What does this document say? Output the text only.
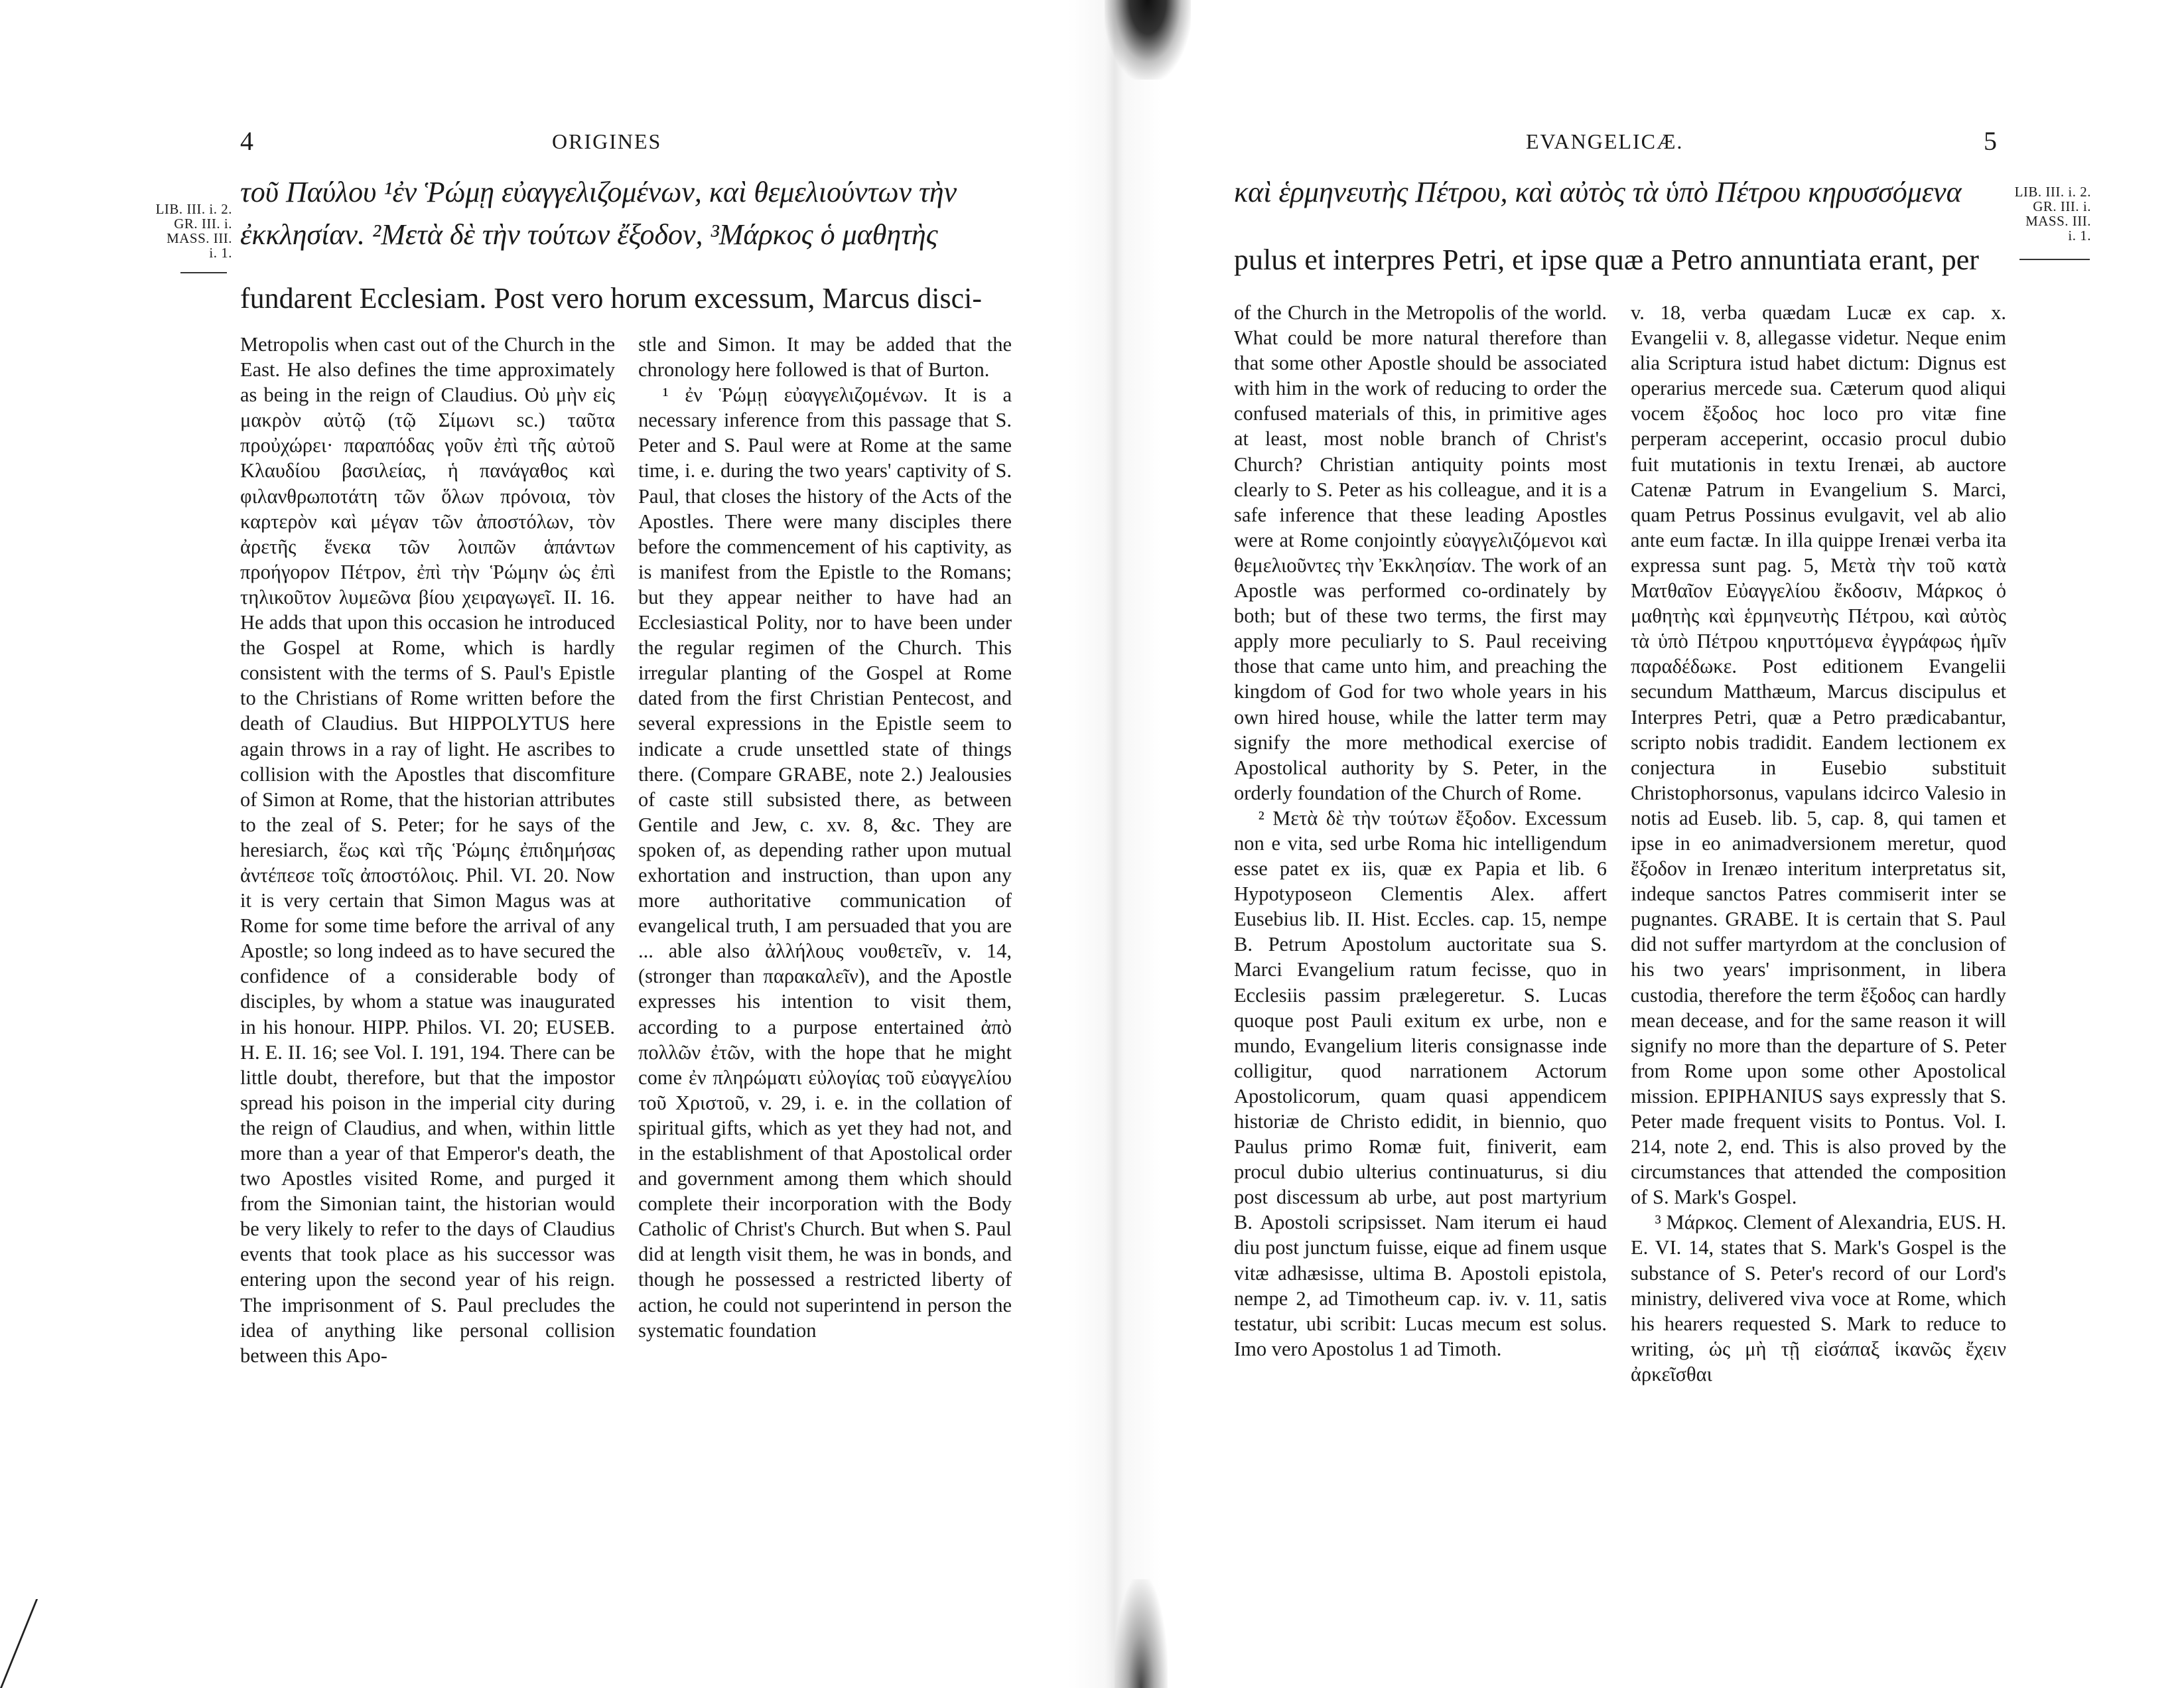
4	ORIGINES
LIB. III. i. 2.
GR. III. i.
MASS. III.
i. 1.
τοῦ Παύλου ¹ἐν Ῥώμῃ εὐαγγελιζομένων, καὶ θεμελιούντων τὴν
ἐκκλησίαν. ²Μετὰ δὲ τὴν τούτων ἔξοδον, ³Μάρκος ὁ μαθητὴς
fundarent Ecclesiam. Post vero horum excessum, Marcus disci-

Metropolis when cast out of the Church in the East. He also defines the time approximately as being in the reign of Claudius. Οὐ μὴν εἰς μακρὸν αὐτῷ (τῷ Σίμωνι sc.) ταῦτα προὐχώρει· παραπόδας γοῦν ἐπὶ τῆς αὐτοῦ Κλαυδίου βασιλείας, ἡ πανάγαθος καὶ φιλανθρωποτάτη τῶν ὅλων πρόνοια, τὸν καρτερὸν καὶ μέγαν τῶν ἀποστόλων, τὸν ἀρετῆς ἕνεκα τῶν λοιπῶν ἁπάντων προήγορον Πέτρον, ἐπὶ τὴν Ῥώμην ὡς ἐπὶ τηλικοῦτον λυμεῶνα βίου χειραγωγεῖ. II. 16. He adds that upon this occasion he introduced the Gospel at Rome, which is hardly consistent with the terms of S. Paul's Epistle to the Christians of Rome written before the death of Claudius. But HIPPOLYTUS here again throws in a ray of light. He ascribes to collision with the Apostles that discomfiture of Simon at Rome, that the historian attributes to the zeal of S. Peter; for he says of the heresiarch, ἕως καὶ τῆς Ῥώμης ἐπιδημήσας ἀντέπεσε τοῖς ἀποστόλοις. Phil. VI. 20. Now it is very certain that Simon Magus was at Rome for some time before the arrival of any Apostle; so long indeed as to have secured the confidence of a considerable body of disciples, by whom a statue was inaugurated in his honour. HIPP. Philos. VI. 20; EUSEB. H. E. II. 16; see Vol. I. 191, 194. There can be little doubt, therefore, but that the impostor spread his poison in the imperial city during the reign of Claudius, and when, within little more than a year of that Emperor's death, the two Apostles visited Rome, and purged it from the Simonian taint, the historian would be very likely to refer to the days of Claudius events that took place as his successor was entering upon the second year of his reign. The imprisonment of S. Paul precludes the idea of anything like personal collision between this Apo-

stle and Simon. It may be added that the chronology here followed is that of Burton.

¹ ἐν Ῥώμῃ εὐαγγελιζομένων. It is a necessary inference from this passage that S. Peter and S. Paul were at Rome at the same time, i. e. during the two years' captivity of S. Paul, that closes the history of the Acts of the Apostles. There were many disciples there before the commencement of his captivity, as is manifest from the Epistle to the Romans; but they appear neither to have had an Ecclesiastical Polity, nor to have been under the regular regimen of the Church. This irregular planting of the Gospel at Rome dated from the first Christian Pentecost, and several expressions in the Epistle seem to indicate a crude unsettled state of things there. (Compare GRABE, note 2.) Jealousies of caste still subsisted there, as between Gentile and Jew, c. xv. 8, &c. They are spoken of, as depending rather upon mutual exhortation and instruction, than upon any more authoritative communication of evangelical truth, I am persuaded that you are ... able also ἀλλήλους νουθετεῖν, v. 14, (stronger than παρακαλεῖν), and the Apostle expresses his intention to visit them, according to a purpose entertained ἀπὸ πολλῶν ἐτῶν, with the hope that he might come ἐν πληρώματι εὐλογίας τοῦ εὐαγγελίου τοῦ Χριστοῦ, v. 29, i. e. in the collation of spiritual gifts, which as yet they had not, and in the establishment of that Apostolical order and government among them which should complete their incorporation with the Body Catholic of Christ's Church. But when S. Paul did at length visit them, he was in bonds, and though he possessed a restricted liberty of action, he could not superintend in person the systematic foundation

EVANGELICÆ.	5
LIB. III. i. 2.
GR. III. i.
MASS. III.
i. 1.
καὶ ἑρμηνευτὴς Πέτρου, καὶ αὐτὸς τὰ ὑπὸ Πέτρου κηρυσσόμενα
pulus et interpres Petri, et ipse quæ a Petro annuntiata erant, per

of the Church in the Metropolis of the world. What could be more natural therefore than that some other Apostle should be associated with him in the work of reducing to order the confused materials of this, in primitive ages at least, most noble branch of Christ's Church? Christian antiquity points most clearly to S. Peter as his colleague, and it is a safe inference that these leading Apostles were at Rome conjointly εὐαγγελιζόμενοι καὶ θεμελιοῦντες τὴν Ἐκκλησίαν. The work of an Apostle was performed co-ordinately by both; but of these two terms, the first may apply more peculiarly to S. Paul receiving those that came unto him, and preaching the kingdom of God for two whole years in his own hired house, while the latter term may signify the more methodical exercise of Apostolical authority by S. Peter, in the orderly foundation of the Church of Rome.

² Μετὰ δὲ τὴν τούτων ἔξοδον. Excessum non e vita, sed urbe Roma hic intelligendum esse patet ex iis, quæ ex Papia et lib. 6 Hypotyposeon Clementis Alex. affert Eusebius lib. II. Hist. Eccles. cap. 15, nempe B. Petrum Apostolum auctoritate sua S. Marci Evangelium ratum fecisse, quo in Ecclesiis passim prælegeretur. S. Lucas quoque post Pauli exitum ex urbe, non e mundo, Evangelium literis consignasse inde colligitur, quod narrationem Actorum Apostolicorum, quam quasi appendicem historiæ de Christo edidit, in biennio, quo Paulus primo Romæ fuit, finiverit, eam procul dubio ulterius continuaturus, si diu post discessum ab urbe, aut post martyrium B. Apostoli scripsisset. Nam iterum ei haud diu post junctum fuisse, eique ad finem usque vitæ adhæsisse, ultima B. Apostoli epistola, nempe 2, ad Timotheum cap. iv. v. 11, satis testatur, ubi scribit: Lucas mecum est solus. Imo vero Apostolus 1 ad Timoth.

v. 18, verba quædam Lucæ ex cap. x. Evangelii v. 8, allegasse videtur. Neque enim alia Scriptura istud habet dictum: Dignus est operarius mercede sua. Cæterum quod aliqui vocem ἔξοδος hoc loco pro vitæ fine perperam acceperint, occasio procul dubio fuit mutationis in textu Irenæi, ab auctore Catenæ Patrum in Evangelium S. Marci, quam Petrus Possinus evulgavit, vel ab alio ante eum factæ. In illa quippe Irenæi verba ita expressa sunt pag. 5, Μετὰ τὴν τοῦ κατὰ Ματθαῖον Εὐαγγελίου ἔκδοσιν, Μάρκος ὁ μαθητὴς καὶ ἑρμηνευτὴς Πέτρου, καὶ αὐτὸς τὰ ὑπὸ Πέτρου κηρυττόμενα ἐγγράφως ἡμῖν παραδέδωκε. Post editionem Evangelii secundum Matthæum, Marcus discipulus et Interpres Petri, quæ a Petro prædicabantur, scripto nobis tradidit. Eandem lectionem ex conjectura in Eusebio substituit Christophorsonus, vapulans idcirco Valesio in notis ad Euseb. lib. 5, cap. 8, qui tamen et ipse in eo animadversionem meretur, quod ἔξοδον in Irenæo interitum interpretatus sit, indeque sanctos Patres commiserit inter se pugnantes. GRABE. It is certain that S. Paul did not suffer martyrdom at the conclusion of his two years' imprisonment, in libera custodia, therefore the term ἔξοδος can hardly mean decease, and for the same reason it will signify no more than the departure of S. Peter from Rome upon some other Apostolical mission. EPIPHANIUS says expressly that S. Peter made frequent visits to Pontus. Vol. I. 214, note 2, end. This is also proved by the circumstances that attended the composition of S. Mark's Gospel.

³ Μάρκος. Clement of Alexandria, EUS. H. E. VI. 14, states that S. Mark's Gospel is the substance of S. Peter's record of our Lord's ministry, delivered viva voce at Rome, which his hearers requested S. Mark to reduce to writing, ὡς μὴ τῇ εἰσάπαξ ἱκανῶς ἔχειν ἀρκεῖσθαι
